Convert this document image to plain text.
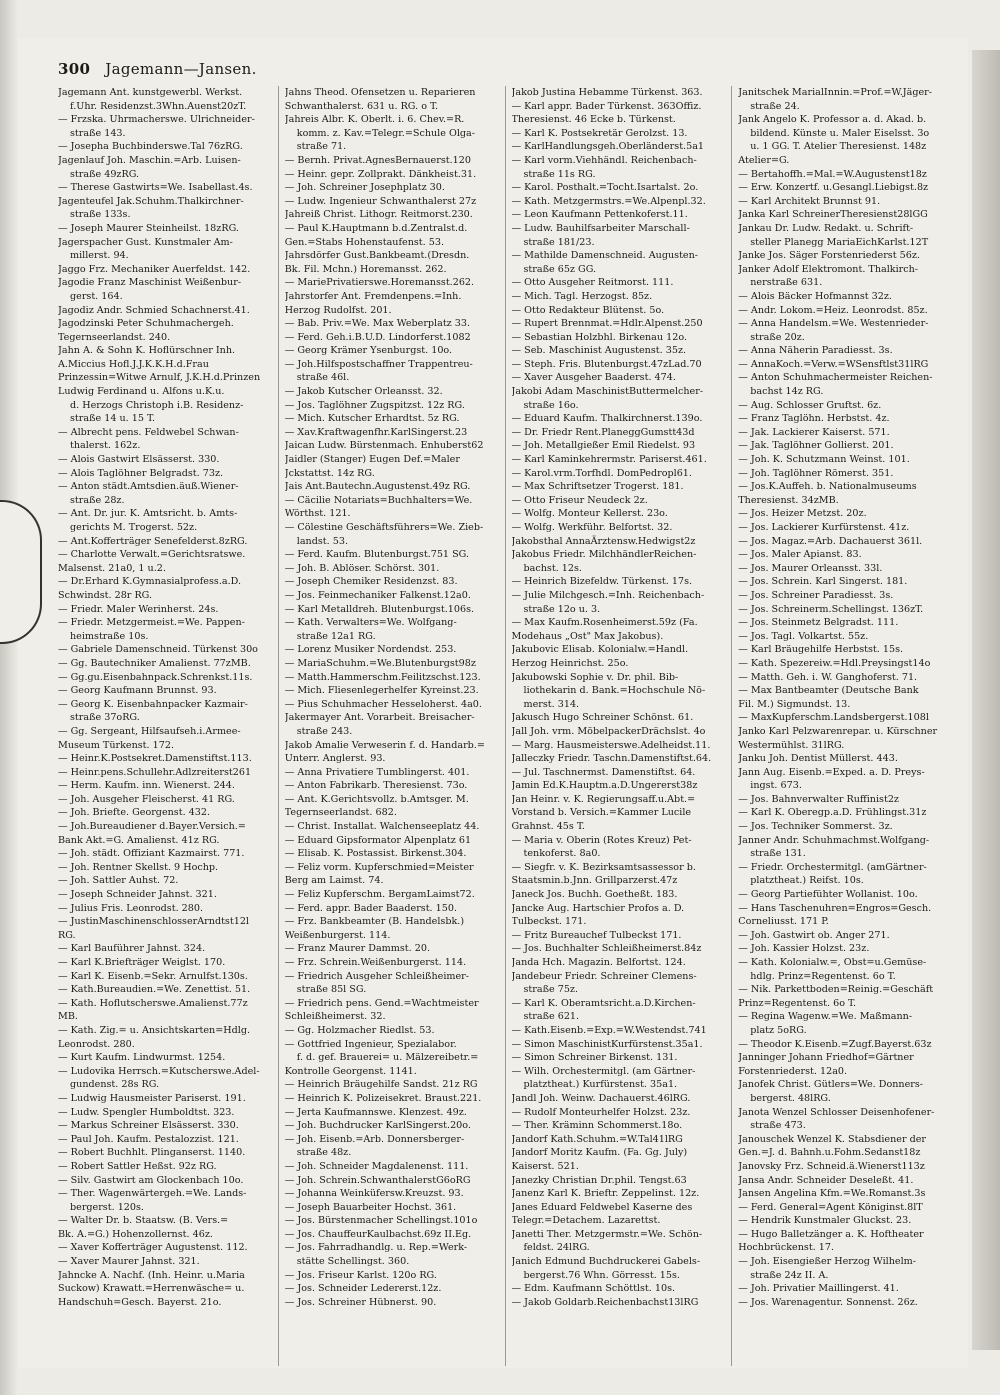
300 Jagemann—Jansen.
Jagemann Ant. kunstgewerbl. Werkst.
f.Uhr. Residenzst.3Whn.Auenst20zT.
— Frzska. Uhrmacherswe. Ulrichneider-
straße 143.
— Josepha Buchbinderswe.Tal 76zRG.
Jagenlauf Joh. Maschin.=Arb. Luisen-
straße 49zRG.
— Therese Gastwirts=We. Isabellast.4s.
Jagenteufel Jak.Schuhm.Thalkirchner-
straße 133s.
— Joseph Maurer Steinheilst. 18zRG.
Jagerspacher Gust. Kunstmaler Am-
millerst. 94.
Jaggo Frz. Mechaniker Auerfeldst. 142.
Jagodie Franz Maschinist Weißenbur-
gerst. 164.
Jagodiz Andr. Schmied Schachnerst.41.
Jagodzinski Peter Schuhmachergeh.
Tegernseerlandst. 240.
Jahn A. & Sohn K. Hoflürschner Inh.
A.Miccius Hofl.J.J.K.K.H.d.Frau
Prinzessin=Witwe Arnulf, J.K.H.d.Prinzen
Ludwig Ferdinand u. Alfons u.K.u.
d. Herzogs Christoph i.B. Residenz-
straße 14 u. 15 T.
— Albrecht pens. Feldwebel Schwan-
thalerst. 162z.
— Alois Gastwirt Elsässerst. 330.
— Alois Taglöhner Belgradst. 73z.
— Anton städt.Amtsdien.äuß.Wiener-
straße 28z.
— Ant. Dr. jur. K. Amtsricht. b. Amts-
gerichts M. Trogerst. 52z.
— Ant.Kofferträger Senefelderst.8zRG.
— Charlotte Verwalt.=Gerichtsratswe.
Malsenst. 21a0, 1 u.2.
— Dr.Erhard K.Gymnasialprofess.a.D.
Schwindst. 28r RG.
— Friedr. Maler Werinherst. 24s.
— Friedr. Metzgermeist.=We. Pappen-
heimstraße 10s.
— Gabriele Damenschneid. Türkenst 30o
— Gg. Bautechniker Amalienst. 77zMB.
— Gg.gu.Eisenbahnpack.Schrenkst.11s.
— Georg Kaufmann Brunnst. 93.
— Georg K. Eisenbahnpacker Kazmair-
straße 37oRG.
— Gg. Sergeant, Hilfsaufseh.i.Armee-
Museum Türkenst. 172.
— Heinr.K.Postsekret.Damenstiftst.113.
— Heinr.pens.Schullehr.Adlzreiterst261
— Herm. Kaufm. inn. Wienerst. 244.
— Joh. Ausgeher Fleischerst. 41 RG.
— Joh. Briefte. Georgenst. 432.
— Joh.Bureaudiener d.Bayer.Versich.=
Bank Akt.=G. Amalienst. 41z RG.
— Joh. städt. Offiziant Kazmairst. 771.
— Joh. Rentner Skellst. 9 Hochp.
— Joh. Sattler Auhst. 72.
— Joseph Schneider Jahnst. 321.
— Julius Fris. Leonrodst. 280.
— JustinMaschinenschlosserArndtst12l
RG.
— Karl Bauführer Jahnst. 324.
— Karl K.Briefträger Weiglst. 170.
— Karl K. Eisenb.=Sekr. Arnulfst.130s.
— Kath.Bureaudien.=We. Zenettist. 51.
— Kath. Hoflutscherswe.Amalienst.77z
MB.
— Kath. Zig.= u. Ansichtskarten=Hdlg.
Leonrodst. 280.
— Kurt Kaufm. Lindwurmst. 1254.
— Ludovika Herrsch.=Kutscherswe.Adel-
gundenst. 28s RG.
— Ludwig Hausmeister Pariserst. 191.
— Ludw. Spengler Humboldtst. 323.
— Markus Schreiner Elsässerst. 330.
— Paul Joh. Kaufm. Pestalozzist. 121.
— Robert Buchhlt. Plinganserst. 1140.
— Robert Sattler Heßst. 92z RG.
— Silv. Gastwirt am Glockenbach 10o.
— Ther. Wagenwärtergeh.=We. Lands-
bergerst. 120s.
— Walter Dr. b. Staatsw. (B. Vers.=
Bk. A.=G.) Hohenzollernst. 46z.
— Xaver Kofferträger Augustenst. 112.
— Xaver Maurer Jahnst. 321.
Jahncke A. Nachf. (Inh. Heinr. u.Maria
Suckow) Krawatt.=Herrenwäsche= u.
Handschuh=Gesch. Bayerst. 21o.
Jahns Theod. Ofensetzen u. Reparieren
Schwanthalerst. 631 u. RG. o T.
Jahreis Albr. K. Oberlt. i. 6. Chev.=R.
komm. z. Kav.=Telegr.=Schule Olga-
straße 71.
— Bernh. Privat.AgnesBernauerst.120
— Heinr. gepr. Zollprakt. Dänkheist.31.
— Joh. Schreiner Josephplatz 30.
— Ludw. Ingenieur Schwanthalerst 27z
Jahreiß Christ. Lithogr. Reitmorst.230.
— Paul K.Hauptmann b.d.Zentralst.d.
Gen.=Stabs Hohenstaufenst. 53.
Jahrsdörfer Gust.Bankbeamt.(Dresdn.
Bk. Fil. Mchn.) Horemansst. 262.
— MariePrivatierswe.Horemansst.262.
Jahrstorfer Ant. Fremdenpens.=Inh.
Herzog Rudolfst. 201.
— Bab. Priv.=We. Max Weberplatz 33.
— Ferd. Geh.i.B.U.D. Lindorferst.1082
— Georg Krämer Ysenburgst. 10o.
— Joh.Hilfspostschaffner Trappentreu-
straße 46l.
— Jakob Kutscher Orleansst. 32.
— Jos. Taglöhner Zugspitzst. 12z RG.
— Mich. Kutscher Erhardtst. 5z RG.
— Xav.Kraftwagenfhr.KarlSingerst.23
Jaican Ludw. Bürstenmach. Enhuberst62
Jaidler (Stanger) Eugen Def.=Maler
Jckstattst. 14z RG.
Jais Ant.Bautechn.Augustenst.49z RG.
— Cäcilie Notariats=Buchhalters=We.
Wörthst. 121.
— Cölestine Geschäftsführers=We. Zieb-
landst. 53.
— Ferd. Kaufm. Blutenburgst.751 SG.
— Joh. B. Ablöser. Schörst. 301.
— Joseph Chemiker Residenzst. 83.
— Jos. Feinmechaniker Falkenst.12a0.
— Karl Metalldreh. Blutenburgst.106s.
— Kath. Verwalters=We. Wolfgang-
straße 12a1 RG.
— Lorenz Musiker Nordendst. 253.
— MariaSchuhm.=We.Blutenburgst98z
— Matth.Hammerschm.Feilitzschst.123.
— Mich. Fliesenlegerhelfer Kyreinst.23.
— Pius Schuhmacher Hesseloherst. 4a0.
Jakermayer Ant. Vorarbeit. Breisacher-
straße 243.
Jakob Amalie Verweserin f. d. Handarb.=
Unterr. Anglerst. 93.
— Anna Privatiere Tumblingerst. 401.
— Anton Fabrikarb. Theresienst. 73o.
— Ant. K.Gerichtsvollz. b.Amtsger. M.
Tegernseerlandst. 682.
— Christ. Installat. Walchenseeplatz 44.
— Eduard Gipsformator Alpenplatz 61
— Elisab. K. Postassist. Birkenst.304.
— Feliz vorm. Kupferschmied=Meister
Berg am Laimst. 74.
— Feliz Kupferschm. BergamLaimst72.
— Ferd. appr. Bader Baaderst. 150.
— Frz. Bankbeamter (B. Handelsbk.)
Weißenburgerst. 114.
— Franz Maurer Dammst. 20.
— Frz. Schrein.Weißenburgerst. 114.
— Friedrich Ausgeher Schleißheimer-
straße 85l SG.
— Friedrich pens. Gend.=Wachtmeister
Schleißheimerst. 32.
— Gg. Holzmacher Riedlst. 53.
— Gottfried Ingenieur, Spezialabor.
f. d. gef. Brauerei= u. Mälzereibetr.=
Kontrolle Georgenst. 1141.
— Heinrich Bräugehilfe Sandst. 21z RG
— Heinrich K. Polizeisekret. Braust.221.
— Jerta Kaufmannswe. Klenzest. 49z.
— Joh. Buchdrucker KarlSingerst.20o.
— Joh. Eisenb.=Arb. Donnersberger-
straße 48z.
— Joh. Schneider Magdalenenst. 111.
— Joh. Schrein.SchwanthalerstG6oRG
— Johanna Weinküfersw.Kreuzst. 93.
— Joseph Bauarbeiter Hochst. 361.
— Jos. Bürstenmacher Schellingst.101o
— Jos. ChauffeurKaulbachst.69z II.Eg.
— Jos. Fahrradhandlg. u. Rep.=Werk-
stätte Schellingst. 360.
— Jos. Friseur Karlst. 120o RG.
— Jos. Schneider Ledererst.12z.
— Jos. Schreiner Hübnerst. 90.
Jakob Justina Hebamme Türkenst. 363.
— Karl appr. Bader Türkenst. 363Offiz.
Theresienst. 46 Ecke b. Türkenst.
— Karl K. Postsekretär Gerolzst. 13.
— KarlHandlungsgeh.Oberländerst.5a1
— Karl vorm.Viehhändl. Reichenbach-
straße 11s RG.
— Karol. Posthalt.=Tocht.Isartalst. 2o.
— Kath. Metzgermstrs.=We.Alpenpl.32.
— Leon Kaufmann Pettenkoferst.11.
— Ludw. Bauhilfsarbeiter Marschall-
straße 181/23.
— Mathilde Damenschneid. Augusten-
straße 65z GG.
— Otto Ausgeher Reitmorst. 111.
— Mich. Tagl. Herzogst. 85z.
— Otto Redakteur Blütenst. 5o.
— Rupert Brennmat.=Hdlr.Alpenst.250
— Sebastian Holzbhl. Birkenau 12o.
— Seb. Maschinist Augustenst. 35z.
— Steph. Fris. Blutenburgst.47zLad.70
— Xaver Ausgeher Baaderst. 474.
Jakobi Adam MaschinistButtermelcher-
straße 16o.
— Eduard Kaufm. Thalkirchnerst.139o.
— Dr. Friedr Rent.PlaneggGumstt43d
— Joh. Metallgießer Emil Riedelst. 93
— Karl Kaminkehrermstr. Pariserst.461.
— Karol.vrm.Torfhdl. DomPedropl61.
— Max Schriftsetzer Trogerst. 181.
— Otto Friseur Neudeck 2z.
— Wolfg. Monteur Kellerst. 23o.
— Wolfg. Werkführ. Belfortst. 32.
Jakobsthal AnnaÄrztensw.Hedwigst2z
Jakobus Friedr. MilchhändlerReichen-
bachst. 12s.
— Heinrich Bizefeldw. Türkenst. 17s.
— Julie Milchgesch.=Inh. Reichenbach-
straße 12o u. 3.
— Max Kaufm.Rosenheimerst.59z (Fa.
Modehaus „Ost" Max Jakobus).
Jakubovic Elisab. Kolonialw.=Handl.
Herzog Heinrichst. 25o.
Jakubowski Sophie v. Dr. phil. Bib-
liothekarin d. Bank.=Hochschule Nö-
merst. 314.
Jakusch Hugo Schreiner Schönst. 61.
Jall Joh. vrm. MöbelpackerDrächslst. 4o
— Marg. Hausmeisterswe.Adelheidst.11.
Jalleczky Friedr. Taschn.Damenstiftst.64.
— Jul. Taschnermst. Damenstiftst. 64.
Jamin Ed.K.Hauptm.a.D.Ungererst38z
Jan Heinr. v. K. Regierungsaff.u.Abt.=
Vorstand b. Versich.=Kammer Lucile
Grahnst. 45s T.
— Maria v. Oberin (Rotes Kreuz) Pet-
tenkoferst. 8a0.
— Siegfr. v. K. Bezirksamtsassessor b.
Staatsmin.b.Jnn. Grillparzerst.47z
Janeck Jos. Buchh. Goetheßt. 183.
Jancke Aug. Hartschier Profos a. D.
Tulbeckst. 171.
— Fritz Bureauchef Tulbeckst 171.
— Jos. Buchhalter Schleißheimerst.84z
Janda Hch. Magazin. Belfortst. 124.
Jandebeur Friedr. Schreiner Clemens-
straße 75z.
— Karl K. Oberamtsricht.a.D.Kirchen-
straße 621.
— Kath.Eisenb.=Exp.=W.Westendst.741
— Simon MaschinistKurfürstenst.35a1.
— Simon Schreiner Birkenst. 131.
— Wilh. Orchestermitgl. (am Gärtner-
platztheat.) Kurfürstenst. 35a1.
Jandl Joh. Weinw. Dachauerst.46lRG.
— Rudolf Monteurhelfer Holzst. 23z.
— Ther. Kräminn Schommerst.18o.
Jandorf Kath.Schuhm.=W.Tal41lRG
Jandorf Moritz Kaufm. (Fa. Gg. July)
Kaiserst. 521.
Janezky Christian Dr.phil. Tengst.63
Janenz Karl K. Brieftr. Zeppelinst. 12z.
Janes Eduard Feldwebel Kaserne des
Telegr.=Detachem. Lazarettst.
Janetti Ther. Metzgermstr.=We. Schön-
feldst. 24lRG.
Janich Edmund Buchdruckerei Gabels-
bergerst.76 Whn. Görresst. 15s.
— Edm. Kaufmann Schöttlst. 10s.
— Jakob Goldarb.Reichenbachst13lRG
Janitschek MarialInnin.=Prof.=W.Jäger-
straße 24.
Jank Angelo K. Professor a. d. Akad. b.
bildend. Künste u. Maler Eiselsst. 3o
u. 1 GG. T. Atelier Theresienst. 148z
Atelier=G.
— Bertahoffh.=Mal.=W.Augustenst18z
— Erw. Konzertf. u.Gesangl.Liebigst.8z
— Karl Architekt Brunnst 91.
Janka Karl SchreinerTheresienst28lGG
Jankau Dr. Ludw. Redakt. u. Schrift-
steller Planegg MariaEichKarlst.12T
Janke Jos. Säger Forstenriederst 56z.
Janker Adolf Elektromont. Thalkirch-
nerstraße 631.
— Alois Bäcker Hofmannst 32z.
— Andr. Lokom.=Heiz. Leonrodst. 85z.
— Anna Handelsm.=We. Westenrieder-
straße 20z.
— Anna Näherin Paradiesst. 3s.
— AnnaKoch.=Verw.=WSensftlst31lRG
— Anton Schuhmachermeister Reichen-
bachst 14z RG.
— Aug. Schlosser Gruftst. 6z.
— Franz Taglöhn. Herbstst. 4z.
— Jak. Lackierer Kaiserst. 571.
— Jak. Taglöhner Gollierst. 201.
— Joh. K. Schutzmann Weinst. 101.
— Joh. Taglöhner Römerst. 351.
— Jos.K.Auffeh. b. Nationalmuseums
Theresienst. 34zMB.
— Jos. Heizer Metzst. 20z.
— Jos. Lackierer Kurfürstenst. 41z.
— Jos. Magaz.=Arb. Dachauerst 361l.
— Jos. Maler Apianst. 83.
— Jos. Maurer Orleansst. 33l.
— Jos. Schrein. Karl Singerst. 181.
— Jos. Schreiner Paradiesst. 3s.
— Jos. Schreinerm.Schellingst. 136zT.
— Jos. Steinmetz Belgradst. 111.
— Jos. Tagl. Volkartst. 55z.
— Karl Bräugehilfe Herbstst. 15s.
— Kath. Spezereiw.=Hdl.Preysingst14o
— Matth. Geh. i. W. Ganghoferst. 71.
— Max Bantbeamter (Deutsche Bank
Fil. M.) Sigmundst. 13.
— MaxKupferschm.Landsbergerst.108l
Janko Karl Pelzwarenrepar. u. Kürschner
Westermühlst. 31lRG.
Janku Joh. Dentist Müllerst. 443.
Jann Aug. Eisenb.=Exped. a. D. Preys-
ingst. 673.
— Jos. Bahnverwalter Ruffinist2z
— Karl K. Oberegp.a.D. Frühlingst.31z
— Jos. Techniker Sommerst. 3z.
Janner Andr. Schuhmachmst.Wolfgang-
straße 131.
— Friedr. Orchestermitgl. (amGärtner-
platztheat.) Reifst. 10s.
— Georg Partiefühter Wollanist. 10o.
— Hans Taschenuhren=Engros=Gesch.
Corneliusst. 171 P.
— Joh. Gastwirt ob. Anger 271.
— Joh. Kassier Holzst. 23z.
— Kath. Kolonialw.=, Obst=u.Gemüse-
hdlg. Prinz=Regentenst. 6o T.
— Nik. Parkettboden=Reinig.=Geschäft
Prinz=Regentenst. 6o T.
— Regina Wagenw.=We. Maßmann-
platz 5oRG.
— Theodor K.Eisenb.=Zugf.Bayerst.63z
Janninger Johann Friedhof=Gärtner
Forstenriederst. 12a0.
Janofek Christ. Gütlers=We. Donners-
bergerst. 48lRG.
Janota Wenzel Schlosser Deisenhofener-
straße 473.
Janouschek Wenzel K. Stabsdiener der
Gen.=J. d. Bahnh.u.Fohm.Sedanst18z
Janovsky Frz. Schneid.ä.Wienerst113z
Jansa Andr. Schneider Deseleßt. 41.
Jansen Angelina Kfm.=We.Romanst.3s
— Ferd. General=Agent Königinst.8lT
— Hendrik Kunstmaler Gluckst. 23.
— Hugo Balletzänger a. K. Hoftheater
Hochbrückenst. 17.
— Joh. Eisengießer Herzog Wilhelm-
straße 24z II. A.
— Joh. Privatier Maillingerst. 41.
— Jos. Warenagentur. Sonnenst. 26z.
